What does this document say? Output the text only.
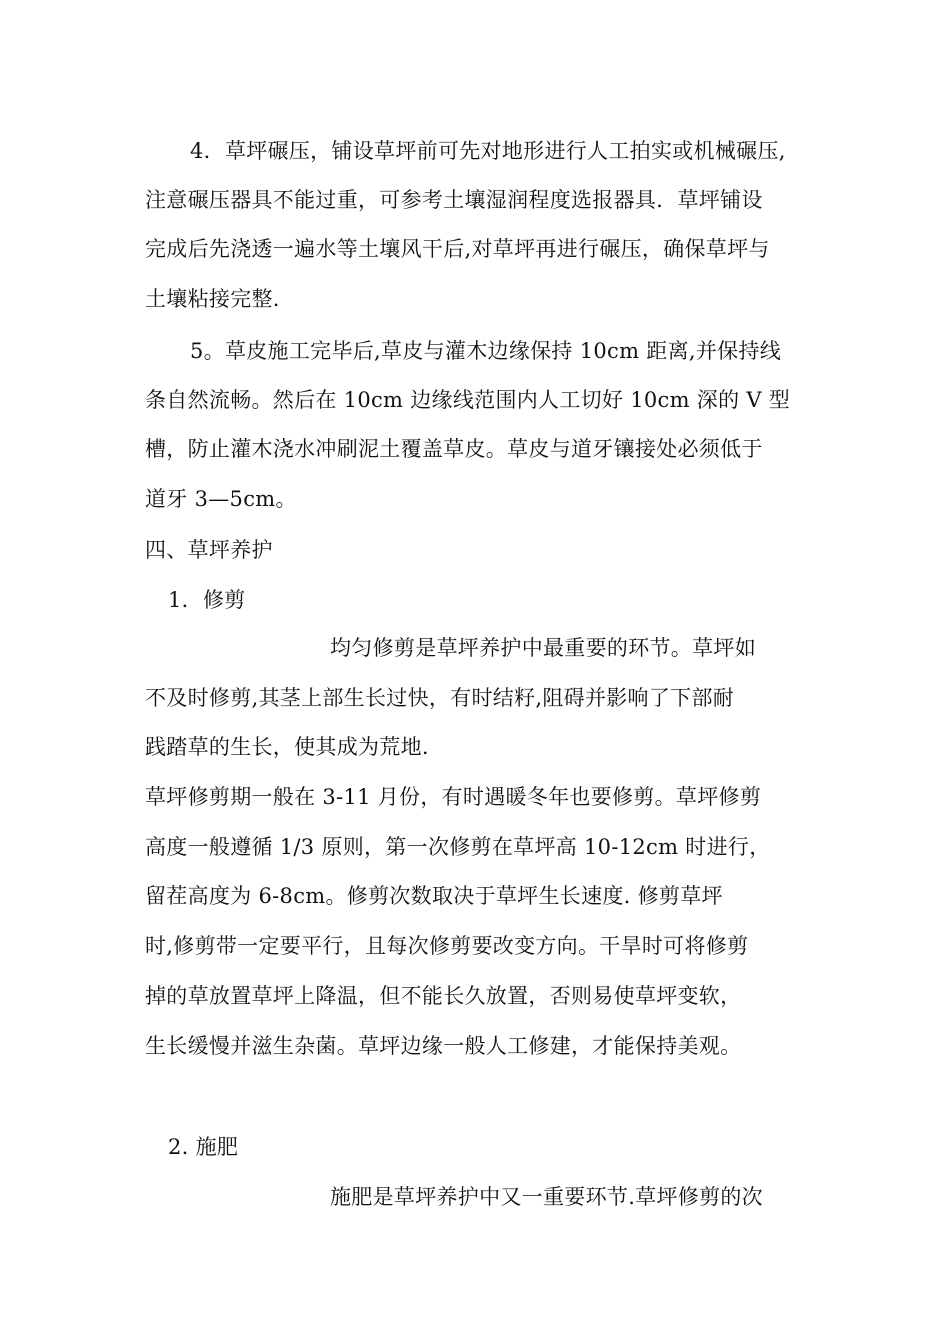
4．草坪碾压，铺设草坪前可先对地形进行人工拍实或机械碾压,
注意碾压器具不能过重，可参考土壤湿润程度选报器具．草坪铺设
完成后先浇透一遍水等土壤风干后,对草坪再进行碾压，确保草坪与
土壤粘接完整.
5。草皮施工完毕后,草皮与灌木边缘保持 10cm 距离,并保持线
条自然流畅。然后在 10cm 边缘线范围内人工切好 10cm 深的 V 型
槽，防止灌木浇水冲刷泥土覆盖草皮。草皮与道牙镶接处必须低于
道牙 3—5cm。
四、草坪养护
1．修剪
均匀修剪是草坪养护中最重要的环节。草坪如
不及时修剪,其茎上部生长过快，有时结籽,阻碍并影响了下部耐
践踏草的生长，使其成为荒地.
草坪修剪期一般在 3-11 月份，有时遇暖冬年也要修剪。草坪修剪
高度一般遵循 1/3 原则，第一次修剪在草坪高 10-12cm 时进行，
留茬高度为 6-8cm。修剪次数取决于草坪生长速度. 修剪草坪
时,修剪带一定要平行，且每次修剪要改变方向。干旱时可将修剪
掉的草放置草坪上降温，但不能长久放置，否则易使草坪变软，
生长缓慢并滋生杂菌。草坪边缘一般人工修建，才能保持美观。
2. 施肥
施肥是草坪养护中又一重要环节.草坪修剪的次
